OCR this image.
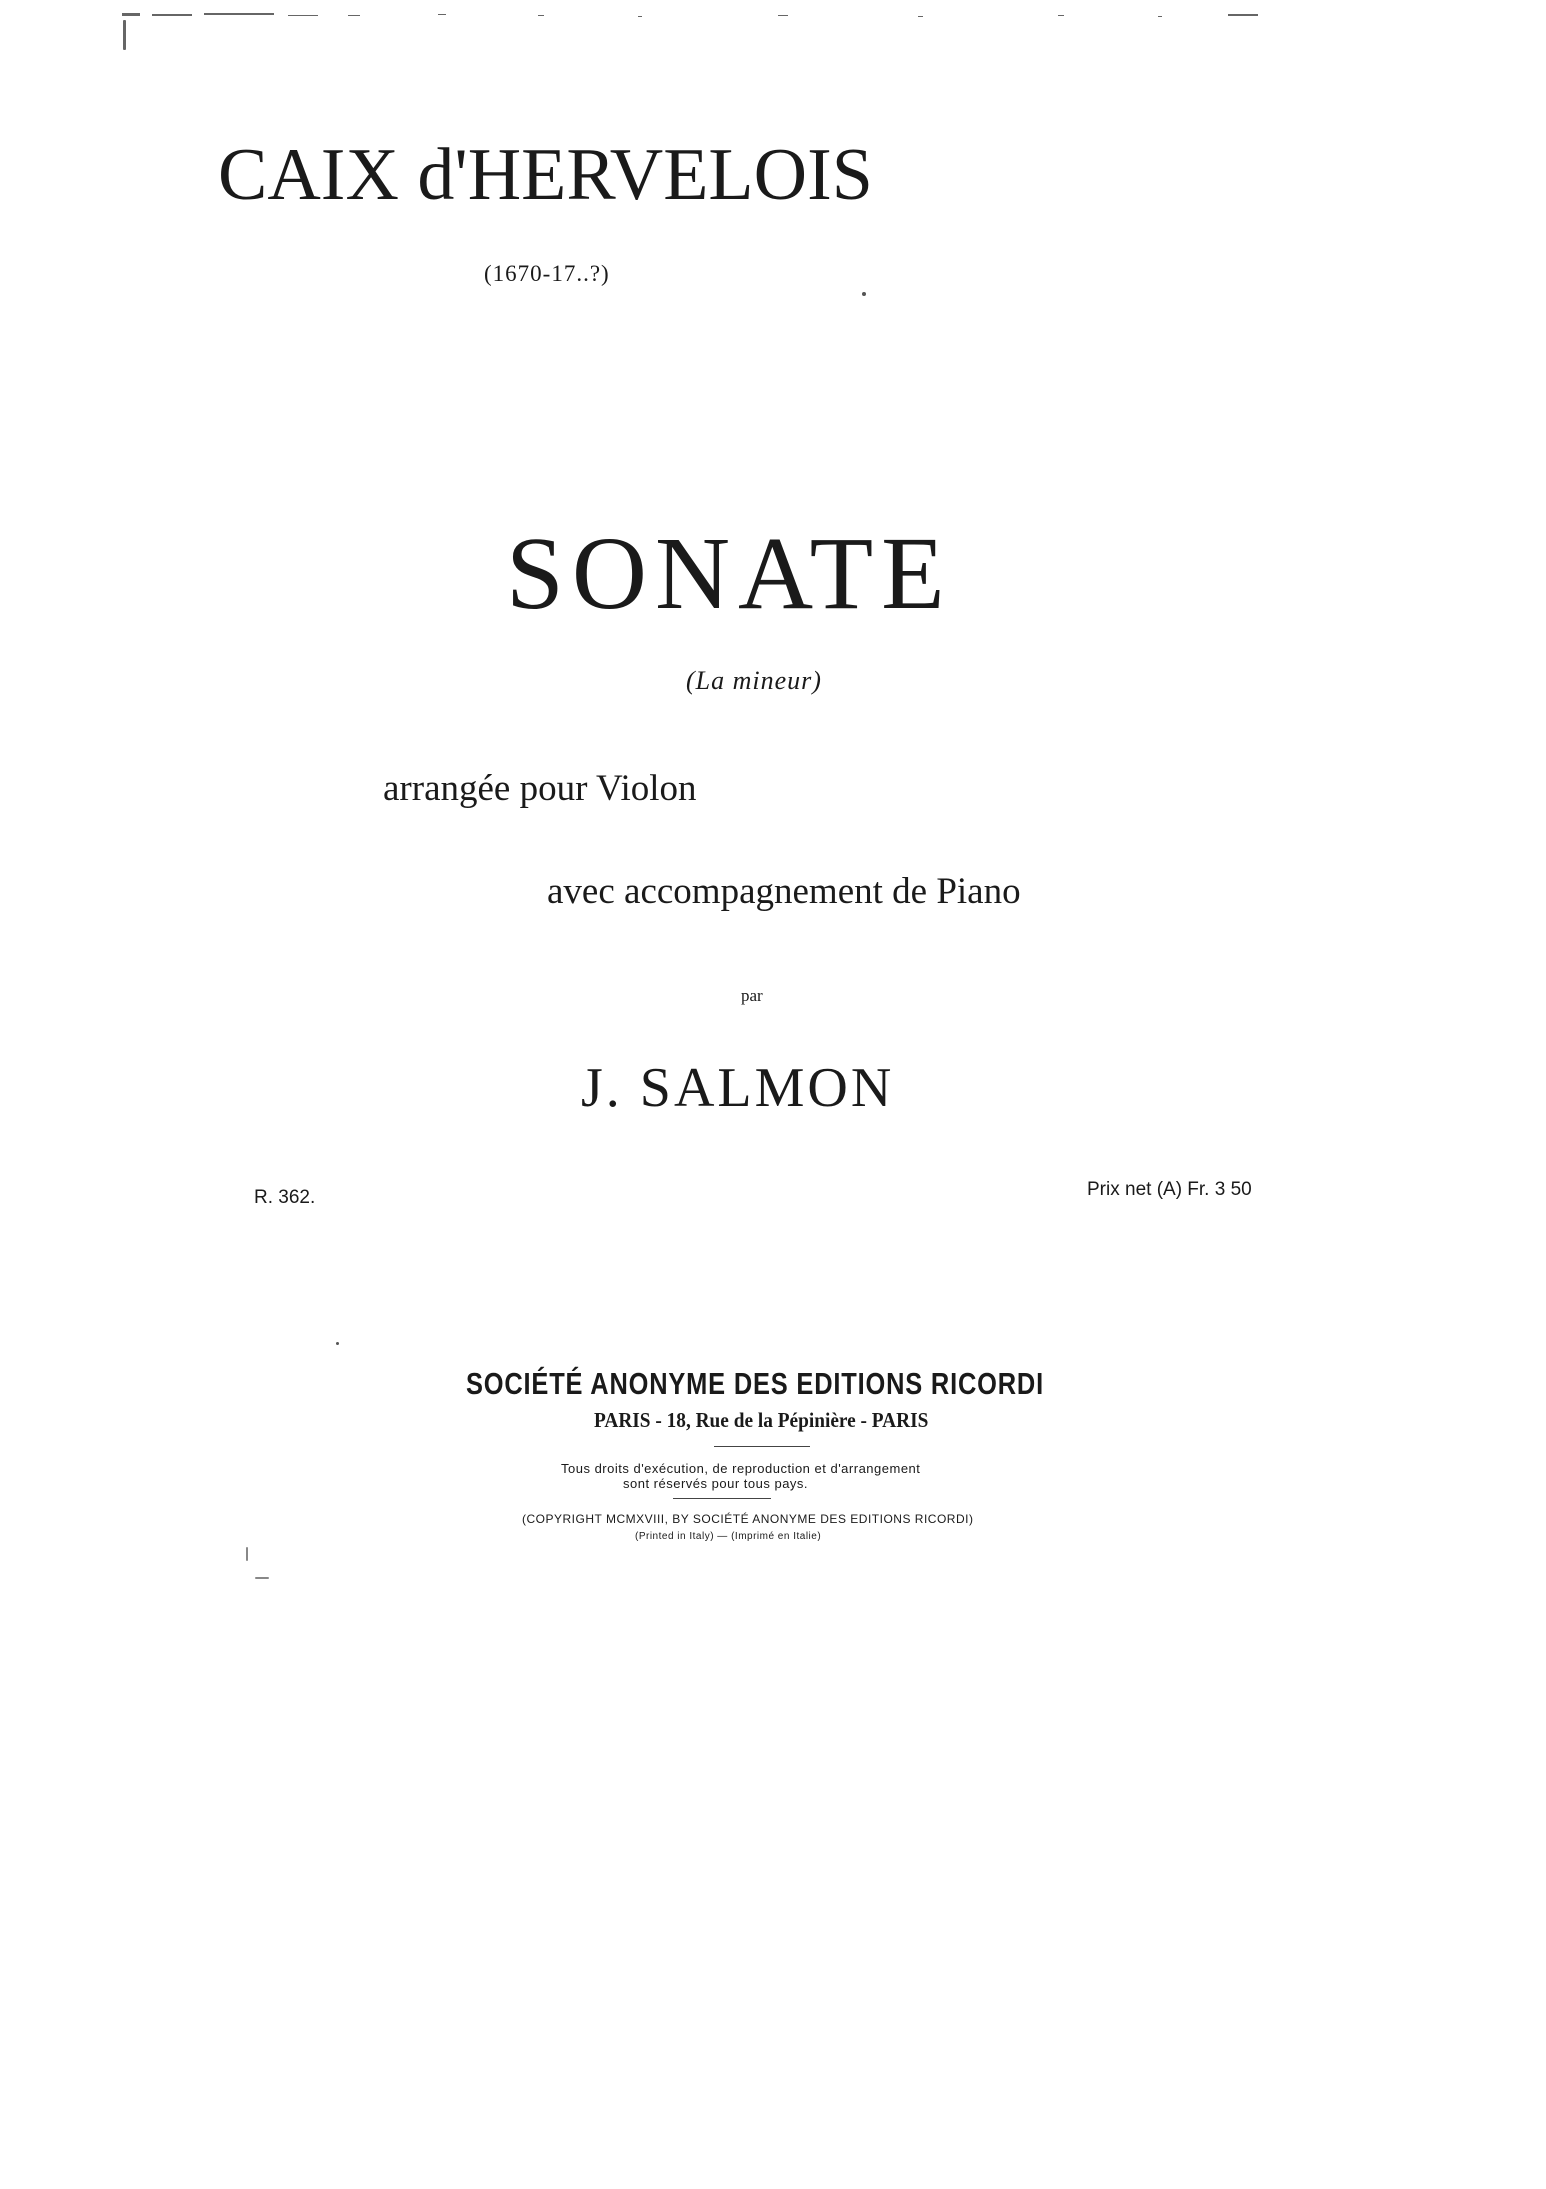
CAIX d'HERVELOIS
(1670-17..?)
SONATE
(La mineur)
arrangée pour Violon
avec accompagnement de Piano
par
J. SALMON
R. 362.	Prix net (A) Fr. 3 50
SOCIÉTÉ ANONYME DES EDITIONS RICORDI
PARIS - 18, Rue de la Pépinière - PARIS
Tous droits d'exécution, de reproduction et d'arrangement
sont réservés pour tous pays.
(COPYRIGHT MCMXVIII, BY SOCIÉTÉ ANONYME DES EDITIONS RICORDI)
(Printed in Italy) — (Imprimé en Italie)
